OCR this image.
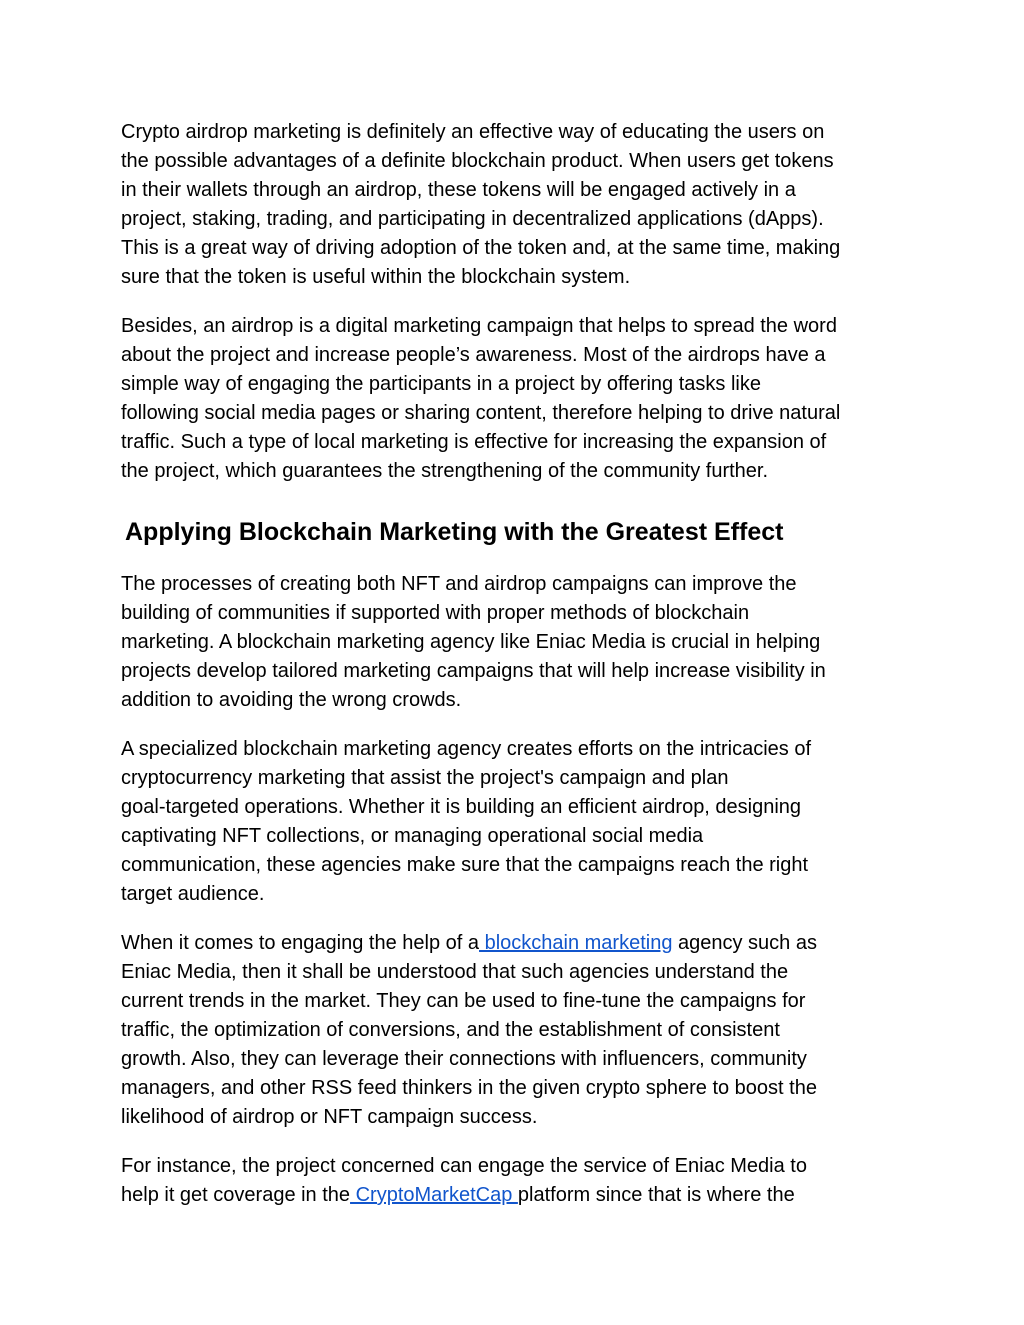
Crypto airdrop marketing is definitely an effective way of educating the users on
the possible advantages of a definite blockchain product. When users get tokens
in their wallets through an airdrop, these tokens will be engaged actively in a
project, staking, trading, and participating in decentralized applications (dApps).
This is a great way of driving adoption of the token and, at the same time, making
sure that the token is useful within the blockchain system.

Besides, an airdrop is a digital marketing campaign that helps to spread the word
about the project and increase people’s awareness. Most of the airdrops have a
simple way of engaging the participants in a project by offering tasks like
following social media pages or sharing content, therefore helping to drive natural
traffic. Such a type of local marketing is effective for increasing the expansion of
the project, which guarantees the strengthening of the community further.

Applying Blockchain Marketing with the Greatest Effect

The processes of creating both NFT and airdrop campaigns can improve the
building of communities if supported with proper methods of blockchain
marketing. A blockchain marketing agency like Eniac Media is crucial in helping
projects develop tailored marketing campaigns that will help increase visibility in
addition to avoiding the wrong crowds.

A specialized blockchain marketing agency creates efforts on the intricacies of
cryptocurrency marketing that assist the project's campaign and plan
goal-targeted operations. Whether it is building an efficient airdrop, designing
captivating NFT collections, or managing operational social media
communication, these agencies make sure that the campaigns reach the right
target audience.

When it comes to engaging the help of a blockchain marketing agency such as
Eniac Media, then it shall be understood that such agencies understand the
current trends in the market. They can be used to fine-tune the campaigns for
traffic, the optimization of conversions, and the establishment of consistent
growth. Also, they can leverage their connections with influencers, community
managers, and other RSS feed thinkers in the given crypto sphere to boost the
likelihood of airdrop or NFT campaign success.

For instance, the project concerned can engage the service of Eniac Media to
help it get coverage in the CryptoMarketCap platform since that is where the
